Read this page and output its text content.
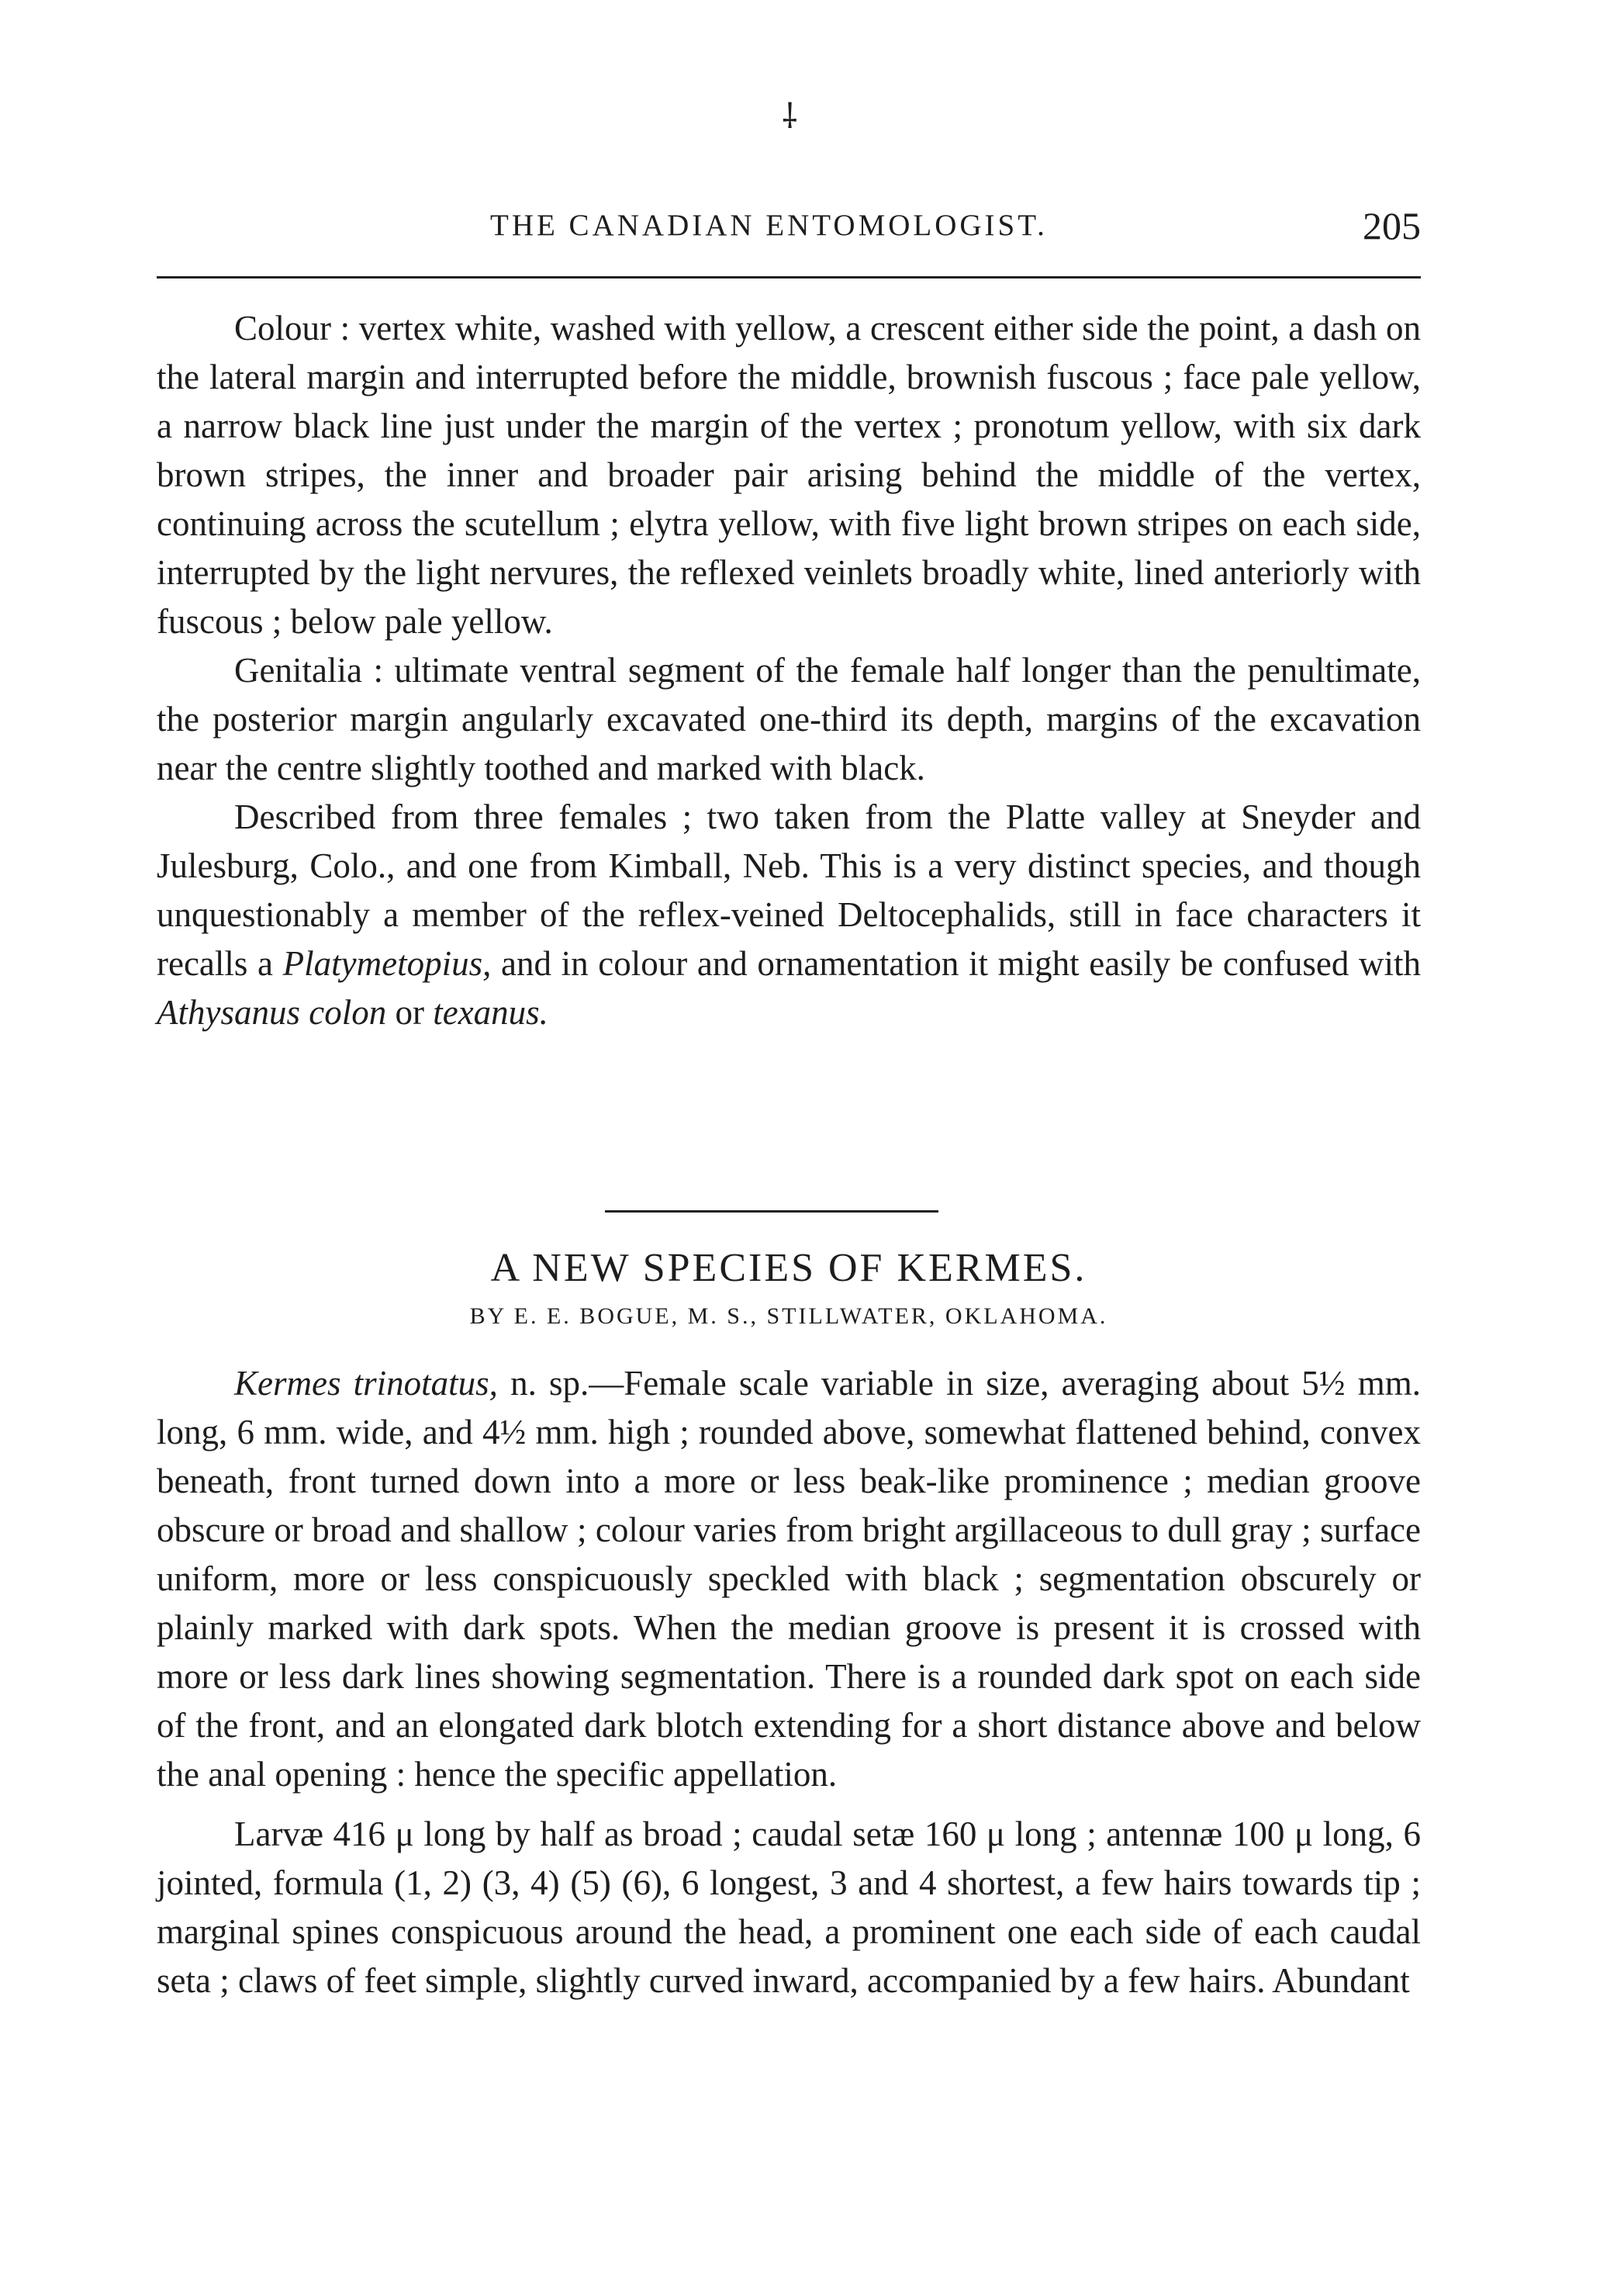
⸸
THE CANADIAN ENTOMOLOGIST.	205

Colour : vertex white, washed with yellow, a crescent either side the point, a dash on the lateral margin and interrupted before the middle, brownish fuscous ; face pale yellow, a narrow black line just under the margin of the vertex ; pronotum yellow, with six dark brown stripes, the inner and broader pair arising behind the middle of the vertex, continuing across the scutellum ; elytra yellow, with five light brown stripes on each side, interrupted by the light nervures, the reflexed veinlets broadly white, lined anteriorly with fuscous ; below pale yellow.

Genitalia : ultimate ventral segment of the female half longer than the penultimate, the posterior margin angularly excavated one-third its depth, margins of the excavation near the centre slightly toothed and marked with black.

Described from three females ; two taken from the Platte valley at Sneyder and Julesburg, Colo., and one from Kimball, Neb. This is a very distinct species, and though unquestionably a member of the reflex-veined Deltocephalids, still in face characters it recalls a Platymetopius, and in colour and ornamentation it might easily be confused with Athysanus colon or texanus.

A NEW SPECIES OF KERMES.
BY E. E. BOGUE, M. S., STILLWATER, OKLAHOMA.

Kermes trinotatus, n. sp.—Female scale variable in size, averaging about 5½ mm. long, 6 mm. wide, and 4½ mm. high ; rounded above, somewhat flattened behind, convex beneath, front turned down into a more or less beak-like prominence ; median groove obscure or broad and shallow ; colour varies from bright argillaceous to dull gray ; surface uniform, more or less conspicuously speckled with black ; segmentation obscurely or plainly marked with dark spots. When the median groove is present it is crossed with more or less dark lines showing segmentation. There is a rounded dark spot on each side of the front, and an elongated dark blotch extending for a short distance above and below the anal opening : hence the specific appellation.

Larvæ 416 μ long by half as broad ; caudal setæ 160 μ long ; antennæ 100 μ long, 6 jointed, formula (1, 2) (3, 4) (5) (6), 6 longest, 3 and 4 shortest, a few hairs towards tip ; marginal spines conspicuous around the head, a prominent one each side of each caudal seta ; claws of feet simple, slightly curved inward, accompanied by a few hairs. Abundant
